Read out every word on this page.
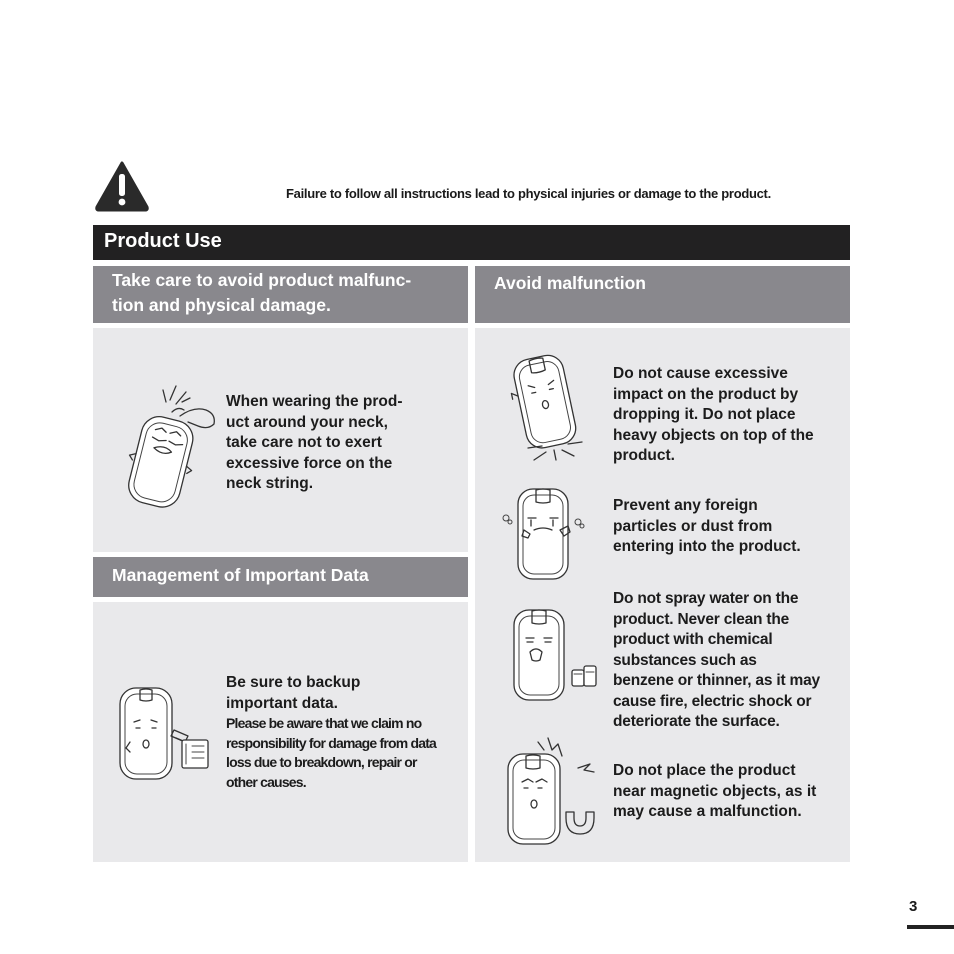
Failure to follow all instructions lead to physical injuries or damage to the product.
Product Use
Take care to avoid product malfunc-
tion and physical damage.
When wearing the prod-
uct around your neck,
take care not to exert
excessive force on the
neck string.
Management of Important Data
Be sure to backup
important data.
Please be aware that we claim no
responsibility for damage from data
loss due to breakdown, repair or
other causes.
Avoid malfunction
Do not cause excessive
impact on the product by
dropping it. Do not place
heavy objects on top of the
product.
Prevent any foreign
particles or dust from
entering into the product.
Do not spray water on the
product. Never clean the
product with chemical
substances such as
benzene or thinner, as it may
cause fire, electric shock or
deteriorate the surface.
Do not place the product
near magnetic objects, as it
may cause a malfunction.
3
